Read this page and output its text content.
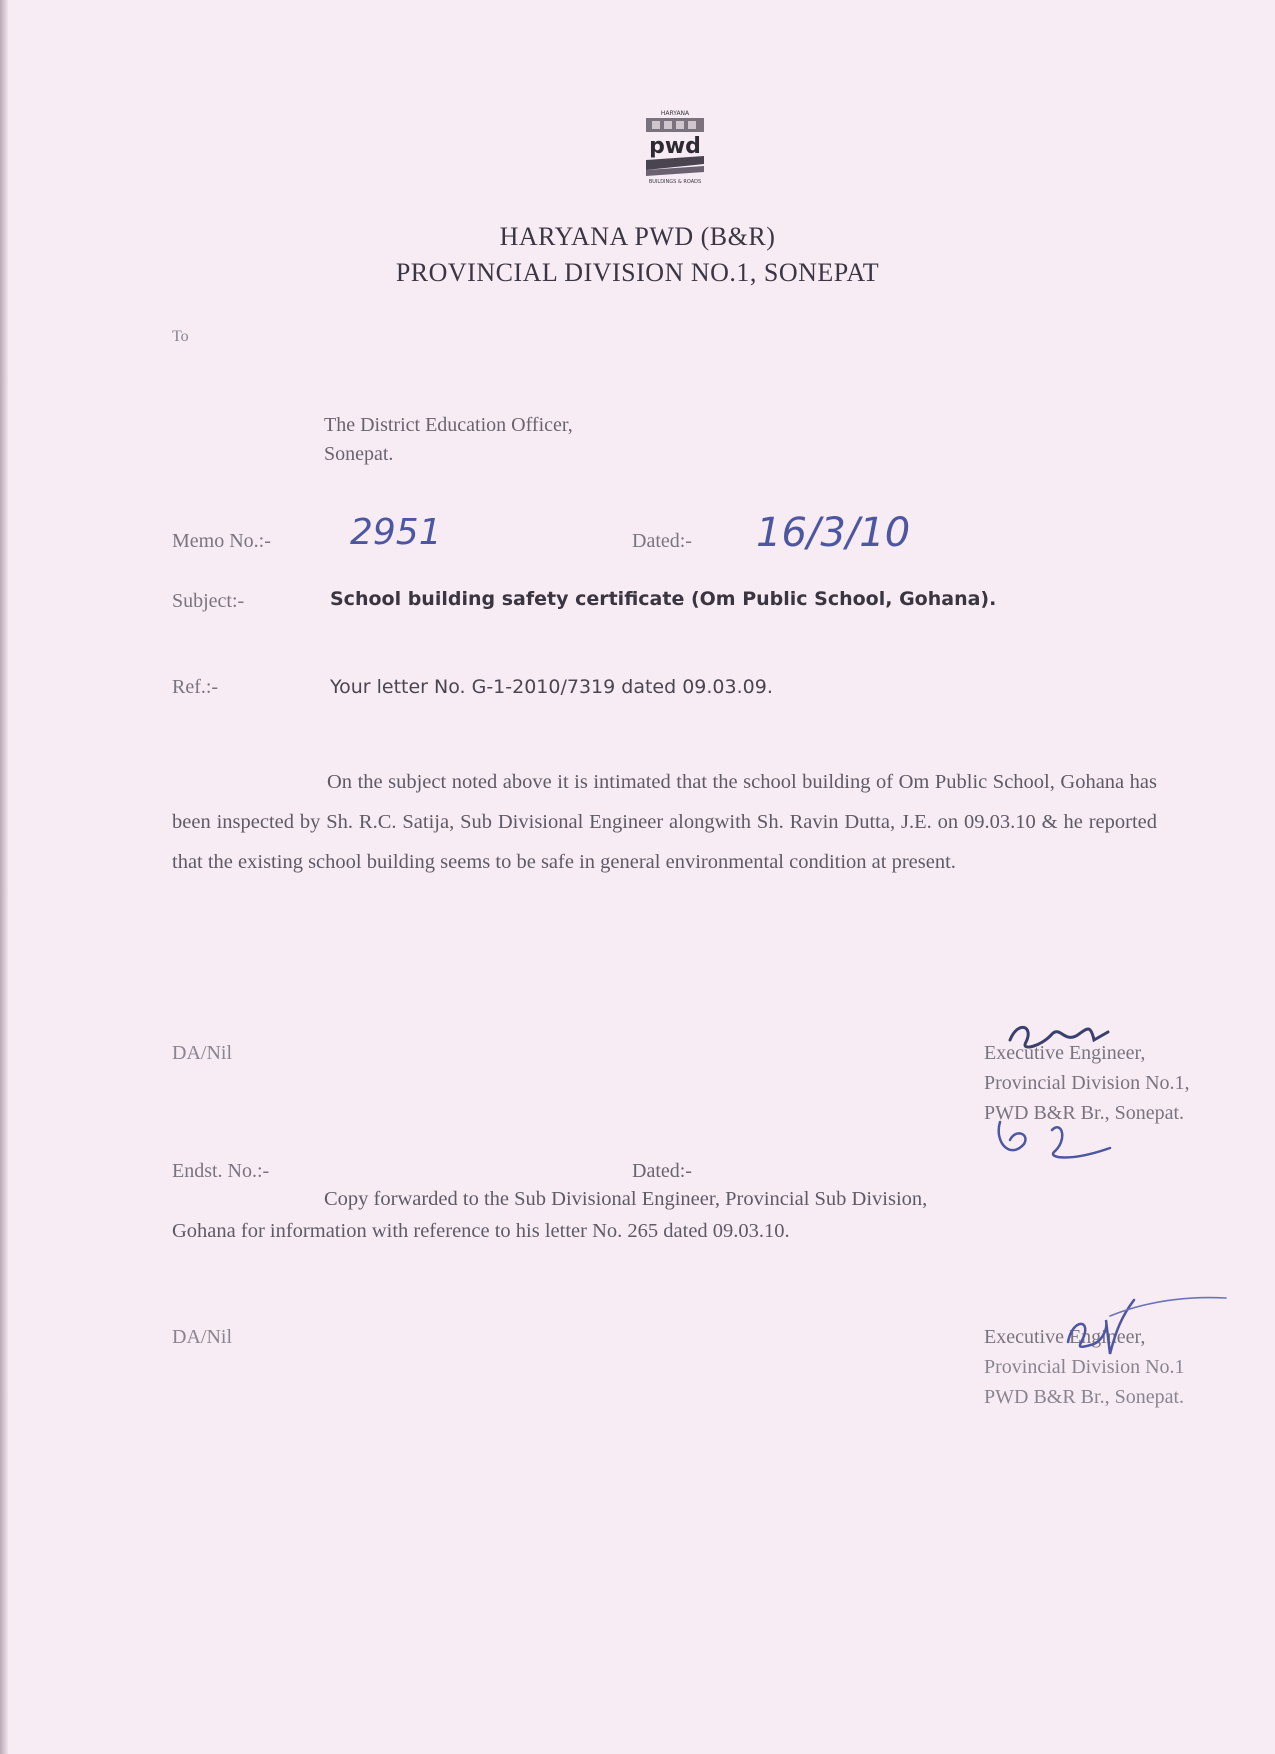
HARYANA
pwd
BUILDINGS & ROADS
HARYANA PWD (B&R)
PROVINCIAL DIVISION NO.1, SONEPAT
To
The District Education Officer,
Sonepat.
Memo No.:- 2951	Dated:- 16/3/10
Subject:-	School building safety certificate (Om Public School, Gohana).
Ref.:-	Your letter No. G-1-2010/7319 dated 09.03.09.
On the subject noted above it is intimated that the school building of Om Public School, Gohana has been inspected by Sh. R.C. Satija, Sub Divisional Engineer alongwith Sh. Ravin Dutta, J.E. on 09.03.10 & he reported that the existing school building seems to be safe in general environmental condition at present.
DA/Nil	Executive Engineer,
Provincial Division No.1,
PWD B&R Br., Sonepat.
Endst. No.:-	Dated:-
Copy forwarded to the Sub Divisional Engineer, Provincial Sub Division,
Gohana for information with reference to his letter No. 265 dated 09.03.10.
DA/Nil	Executive Engineer,
Provincial Division No.1
PWD B&R Br., Sonepat.
